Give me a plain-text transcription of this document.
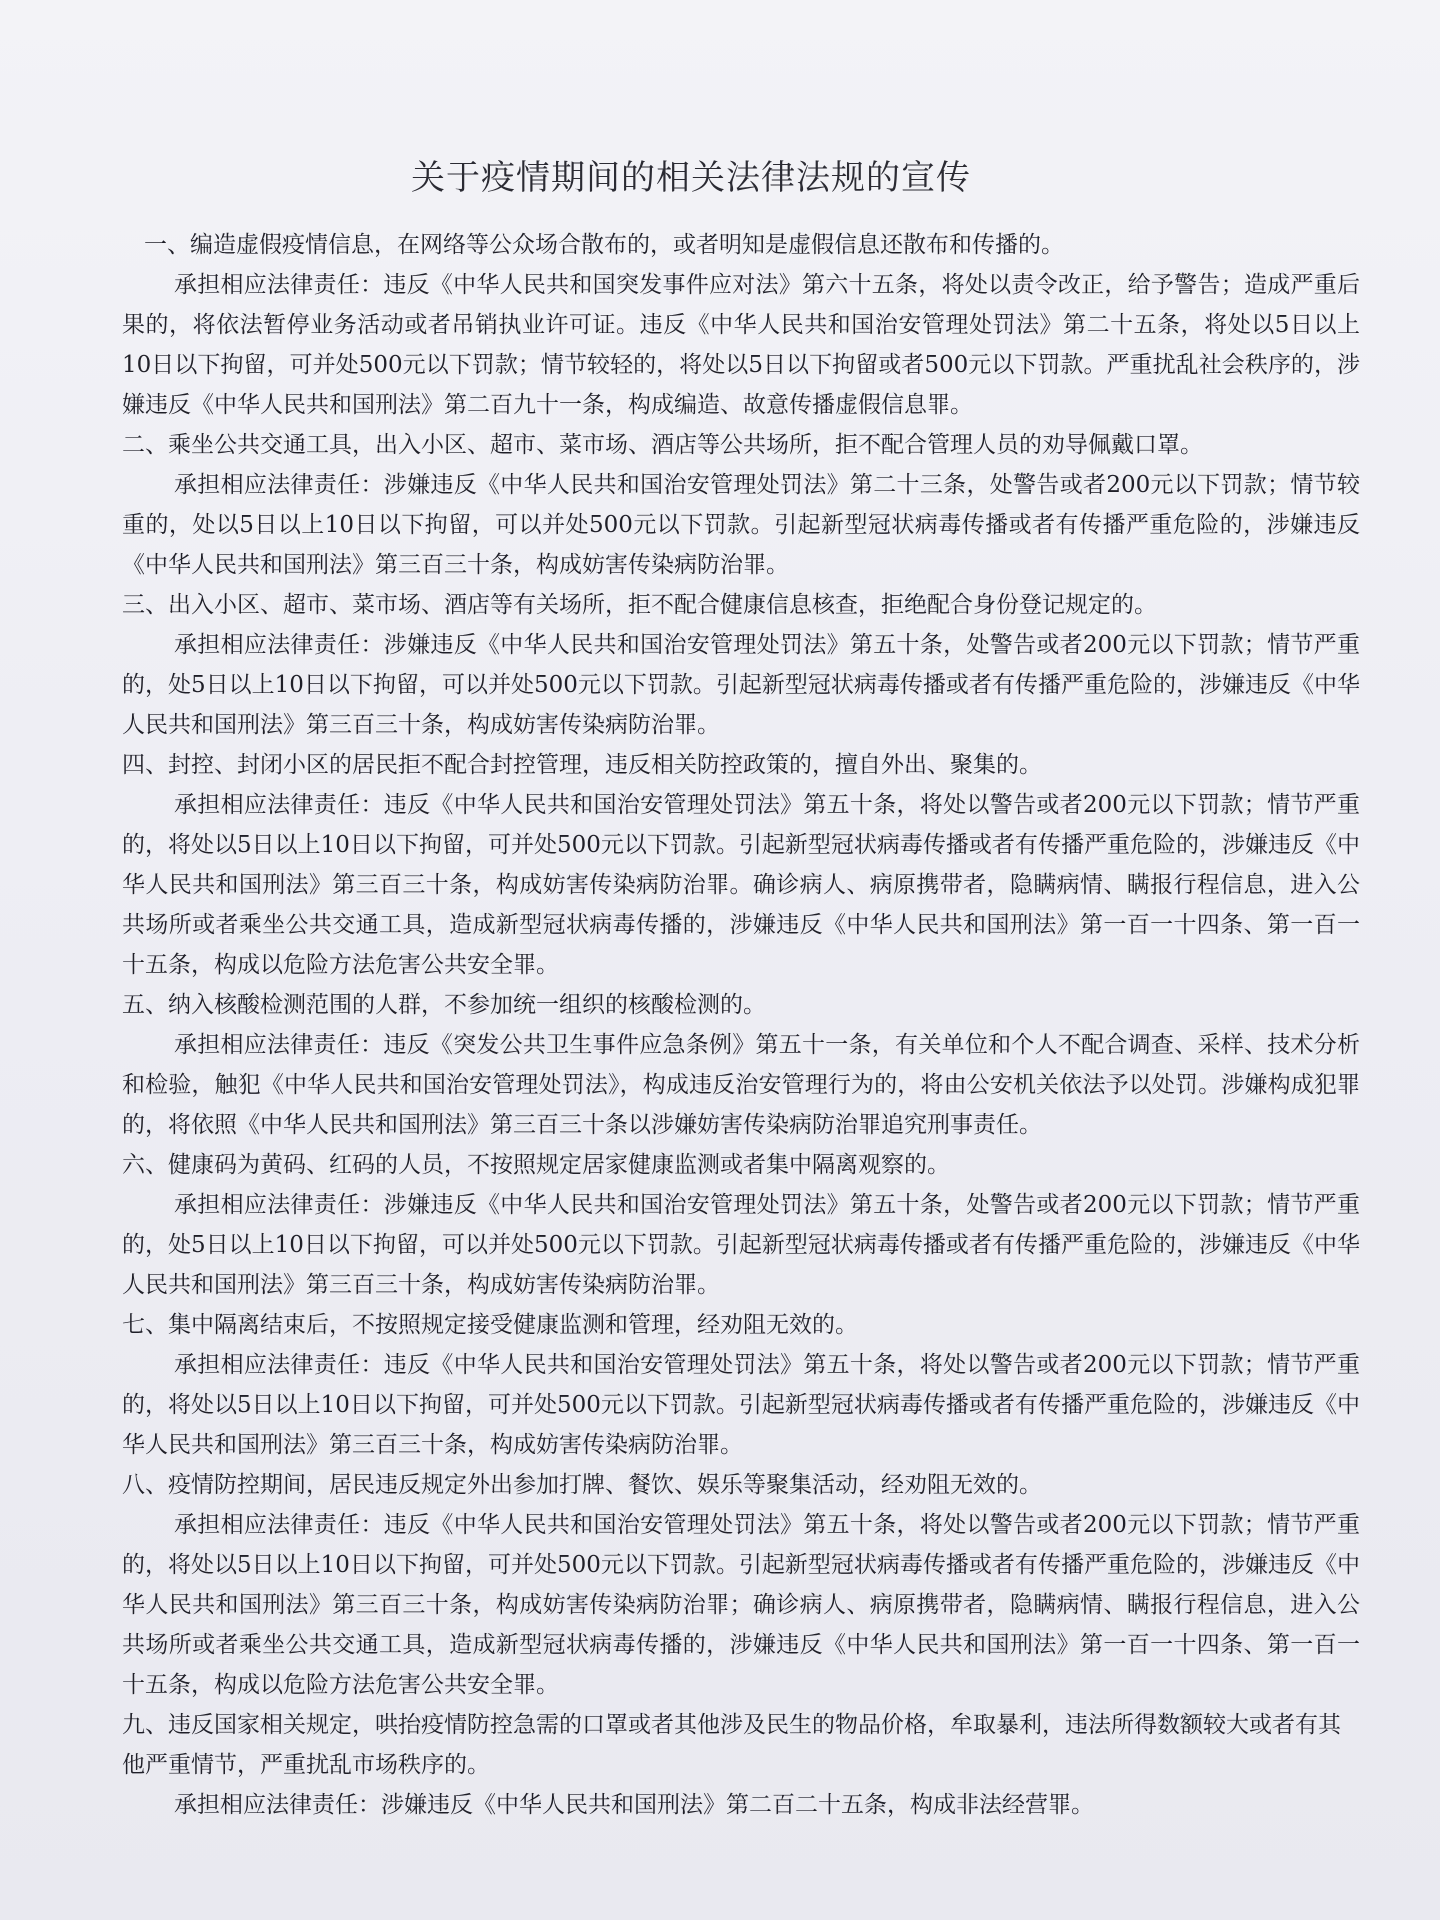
关于疫情期间的相关法律法规的宣传

一、编造虚假疫情信息，在网络等公众场合散布的，或者明知是虚假信息还散布和传播的。

承担相应法律责任：违反《中华人民共和国突发事件应对法》第六十五条，将处以责令改正，给予警告；造成严重后果的，将依法暂停业务活动或者吊销执业许可证。违反《中华人民共和国治安管理处罚法》第二十五条，将处以5日以上10日以下拘留，可并处500元以下罚款；情节较轻的，将处以5日以下拘留或者500元以下罚款。严重扰乱社会秩序的，涉嫌违反《中华人民共和国刑法》第二百九十一条，构成编造、故意传播虚假信息罪。

二、乘坐公共交通工具，出入小区、超市、菜市场、酒店等公共场所，拒不配合管理人员的劝导佩戴口罩。

承担相应法律责任：涉嫌违反《中华人民共和国治安管理处罚法》第二十三条，处警告或者200元以下罚款；情节较重的，处以5日以上10日以下拘留，可以并处500元以下罚款。引起新型冠状病毒传播或者有传播严重危险的，涉嫌违反《中华人民共和国刑法》第三百三十条，构成妨害传染病防治罪。

三、出入小区、超市、菜市场、酒店等有关场所，拒不配合健康信息核查，拒绝配合身份登记规定的。

承担相应法律责任：涉嫌违反《中华人民共和国治安管理处罚法》第五十条，处警告或者200元以下罚款；情节严重的，处5日以上10日以下拘留，可以并处500元以下罚款。引起新型冠状病毒传播或者有传播严重危险的，涉嫌违反《中华人民共和国刑法》第三百三十条，构成妨害传染病防治罪。

四、封控、封闭小区的居民拒不配合封控管理，违反相关防控政策的，擅自外出、聚集的。

承担相应法律责任：违反《中华人民共和国治安管理处罚法》第五十条，将处以警告或者200元以下罚款；情节严重的，将处以5日以上10日以下拘留，可并处500元以下罚款。引起新型冠状病毒传播或者有传播严重危险的，涉嫌违反《中华人民共和国刑法》第三百三十条，构成妨害传染病防治罪。确诊病人、病原携带者，隐瞒病情、瞒报行程信息，进入公共场所或者乘坐公共交通工具，造成新型冠状病毒传播的，涉嫌违反《中华人民共和国刑法》第一百一十四条、第一百一十五条，构成以危险方法危害公共安全罪。

五、纳入核酸检测范围的人群，不参加统一组织的核酸检测的。

承担相应法律责任：违反《突发公共卫生事件应急条例》第五十一条，有关单位和个人不配合调查、采样、技术分析和检验，触犯《中华人民共和国治安管理处罚法》，构成违反治安管理行为的，将由公安机关依法予以处罚。涉嫌构成犯罪的，将依照《中华人民共和国刑法》第三百三十条以涉嫌妨害传染病防治罪追究刑事责任。

六、健康码为黄码、红码的人员，不按照规定居家健康监测或者集中隔离观察的。

承担相应法律责任：涉嫌违反《中华人民共和国治安管理处罚法》第五十条，处警告或者200元以下罚款；情节严重的，处5日以上10日以下拘留，可以并处500元以下罚款。引起新型冠状病毒传播或者有传播严重危险的，涉嫌违反《中华人民共和国刑法》第三百三十条，构成妨害传染病防治罪。

七、集中隔离结束后，不按照规定接受健康监测和管理，经劝阻无效的。

承担相应法律责任：违反《中华人民共和国治安管理处罚法》第五十条，将处以警告或者200元以下罚款；情节严重的，将处以5日以上10日以下拘留，可并处500元以下罚款。引起新型冠状病毒传播或者有传播严重危险的，涉嫌违反《中华人民共和国刑法》第三百三十条，构成妨害传染病防治罪。

八、疫情防控期间，居民违反规定外出参加打牌、餐饮、娱乐等聚集活动，经劝阻无效的。

承担相应法律责任：违反《中华人民共和国治安管理处罚法》第五十条，将处以警告或者200元以下罚款；情节严重的，将处以5日以上10日以下拘留，可并处500元以下罚款。引起新型冠状病毒传播或者有传播严重危险的，涉嫌违反《中华人民共和国刑法》第三百三十条，构成妨害传染病防治罪；确诊病人、病原携带者，隐瞒病情、瞒报行程信息，进入公共场所或者乘坐公共交通工具，造成新型冠状病毒传播的，涉嫌违反《中华人民共和国刑法》第一百一十四条、第一百一十五条，构成以危险方法危害公共安全罪。

九、违反国家相关规定，哄抬疫情防控急需的口罩或者其他涉及民生的物品价格，牟取暴利，违法所得数额较大或者有其他严重情节，严重扰乱市场秩序的。

承担相应法律责任：涉嫌违反《中华人民共和国刑法》第二百二十五条，构成非法经营罪。
